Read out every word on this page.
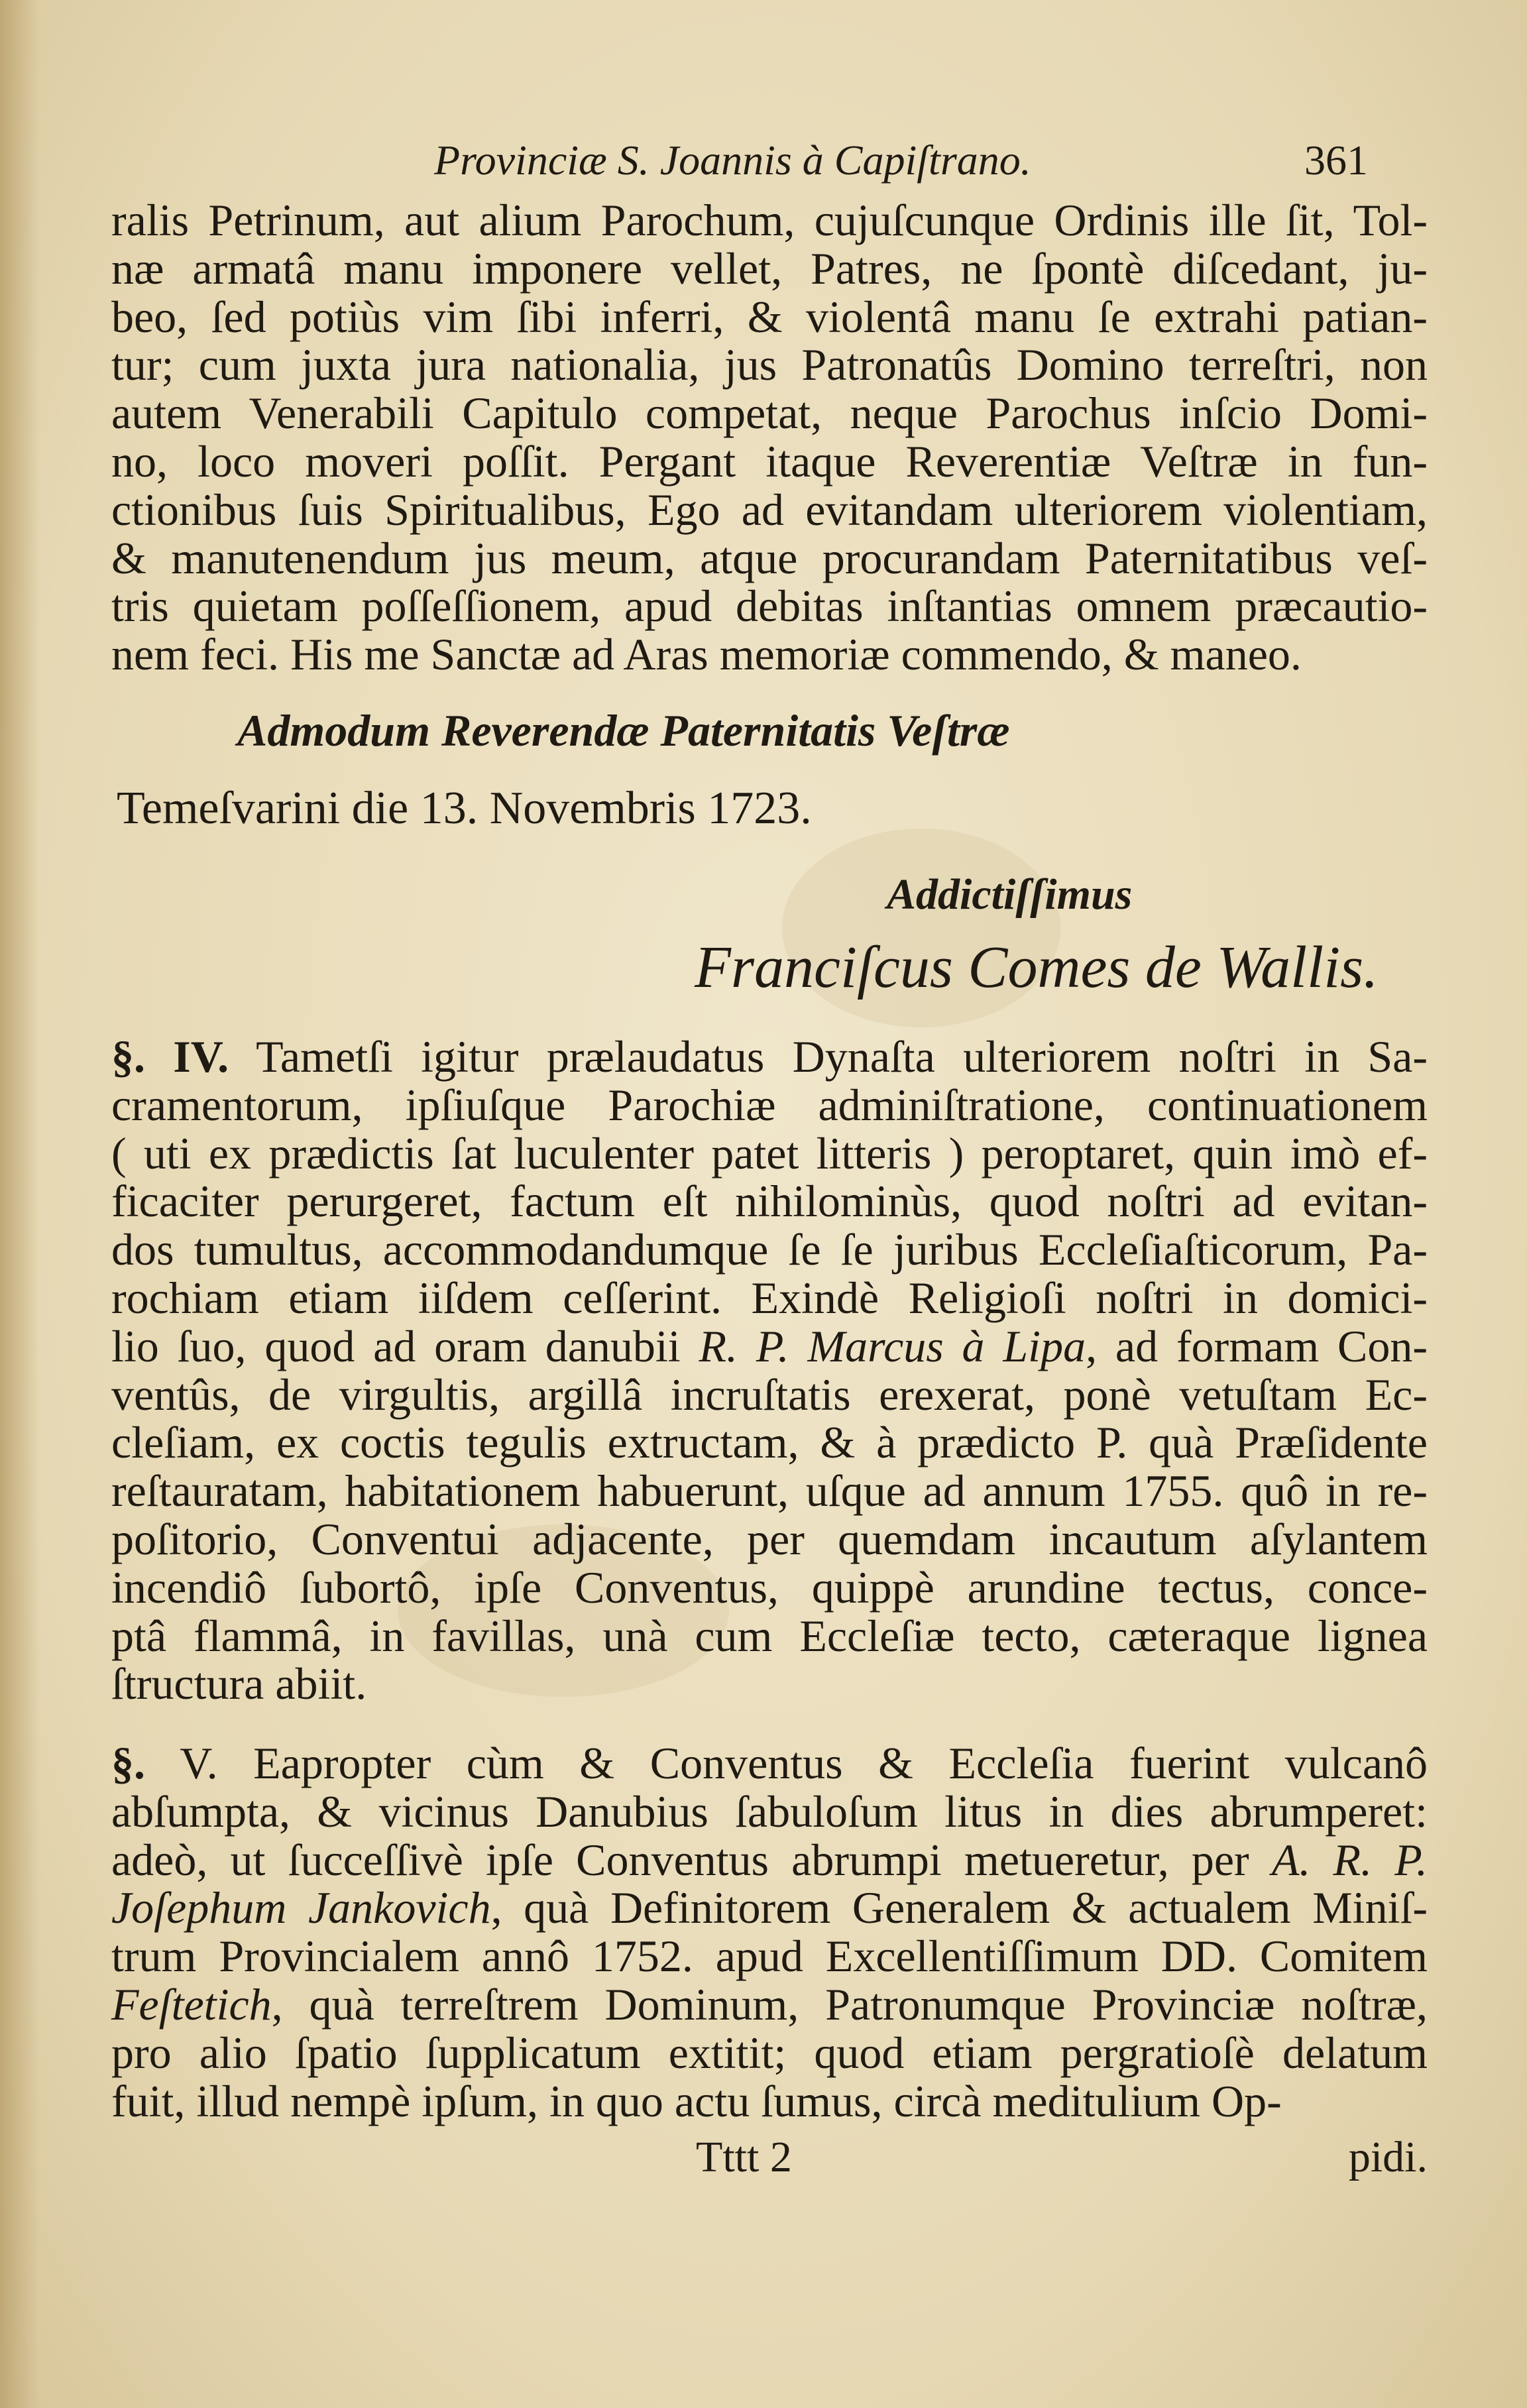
Provinciæ S. Joannis à Capiſtrano.	361
ralis Petrinum, aut alium Parochum, cujuſcunque Ordinis ille ſit, Tol-
næ armatâ manu imponere vellet, Patres, ne ſpontè diſcedant, ju-
beo, ſed potiùs vim ſibi inferri, & violentâ manu ſe extrahi patian-
tur; cum juxta jura nationalia, jus Patronatûs Domino terreſtri, non
autem Venerabili Capitulo competat, neque Parochus inſcio Domi-
no, loco moveri poſſit. Pergant itaque Reverentiæ Veſtræ in fun-
ctionibus ſuis Spiritualibus, Ego ad evitandam ulteriorem violentiam,
& manutenendum jus meum, atque procurandam Paternitatibus veſ-
tris quietam poſſeſſionem, apud debitas inſtantias omnem præcautio-
nem feci. His me Sanctæ ad Aras memoriæ commendo, & maneo.
Admodum Reverendæ Paternitatis Veſtræ
Temeſvarini die 13. Novembris 1723.
Addictiſſimus
Franciſcus Comes de Wallis.
§. IV. Tametſi igitur prælaudatus Dynaſta ulteriorem noſtri in Sa-
cramentorum, ipſiuſque Parochiæ adminiſtratione, continuationem
( uti ex prædictis ſat luculenter patet litteris ) peroptaret, quin imò ef-
ficaciter perurgeret, factum eſt nihilominùs, quod noſtri ad evitan-
dos tumultus, accommodandumque ſe ſe juribus Eccleſiaſticorum, Pa-
rochiam etiam iiſdem ceſſerint. Exindè Religioſi noſtri in domici-
lio ſuo, quod ad oram danubii R. P. Marcus à Lipa, ad formam Con-
ventûs, de virgultis, argillâ incruſtatis erexerat, ponè vetuſtam Ec-
cleſiam, ex coctis tegulis extructam, & à prædicto P. quà Præſidente
reſtauratam, habitationem habuerunt, uſque ad annum 1755. quô in re-
poſitorio, Conventui adjacente, per quemdam incautum aſylantem
incendiô ſubortô, ipſe Conventus, quippè arundine tectus, conce-
ptâ flammâ, in favillas, unà cum Eccleſiæ tecto, cæteraque lignea
ſtructura abiit.
§. V. Eapropter cùm & Conventus & Eccleſia fuerint vulcanô
abſumpta, & vicinus Danubius ſabuloſum litus in dies abrumperet:
adeò, ut ſucceſſivè ipſe Conventus abrumpi metueretur, per A. R. P.
Joſephum Jankovich, quà Definitorem Generalem & actualem Miniſ-
trum Provincialem annô 1752. apud Excellentiſſimum DD. Comitem
Feſtetich, quà terreſtrem Dominum, Patronumque Provinciæ noſtræ,
pro alio ſpatio ſupplicatum extitit; quod etiam pergratioſè delatum
fuit, illud nempè ipſum, in quo actu ſumus, circà meditulium Op-
Tttt 2	pidi.
